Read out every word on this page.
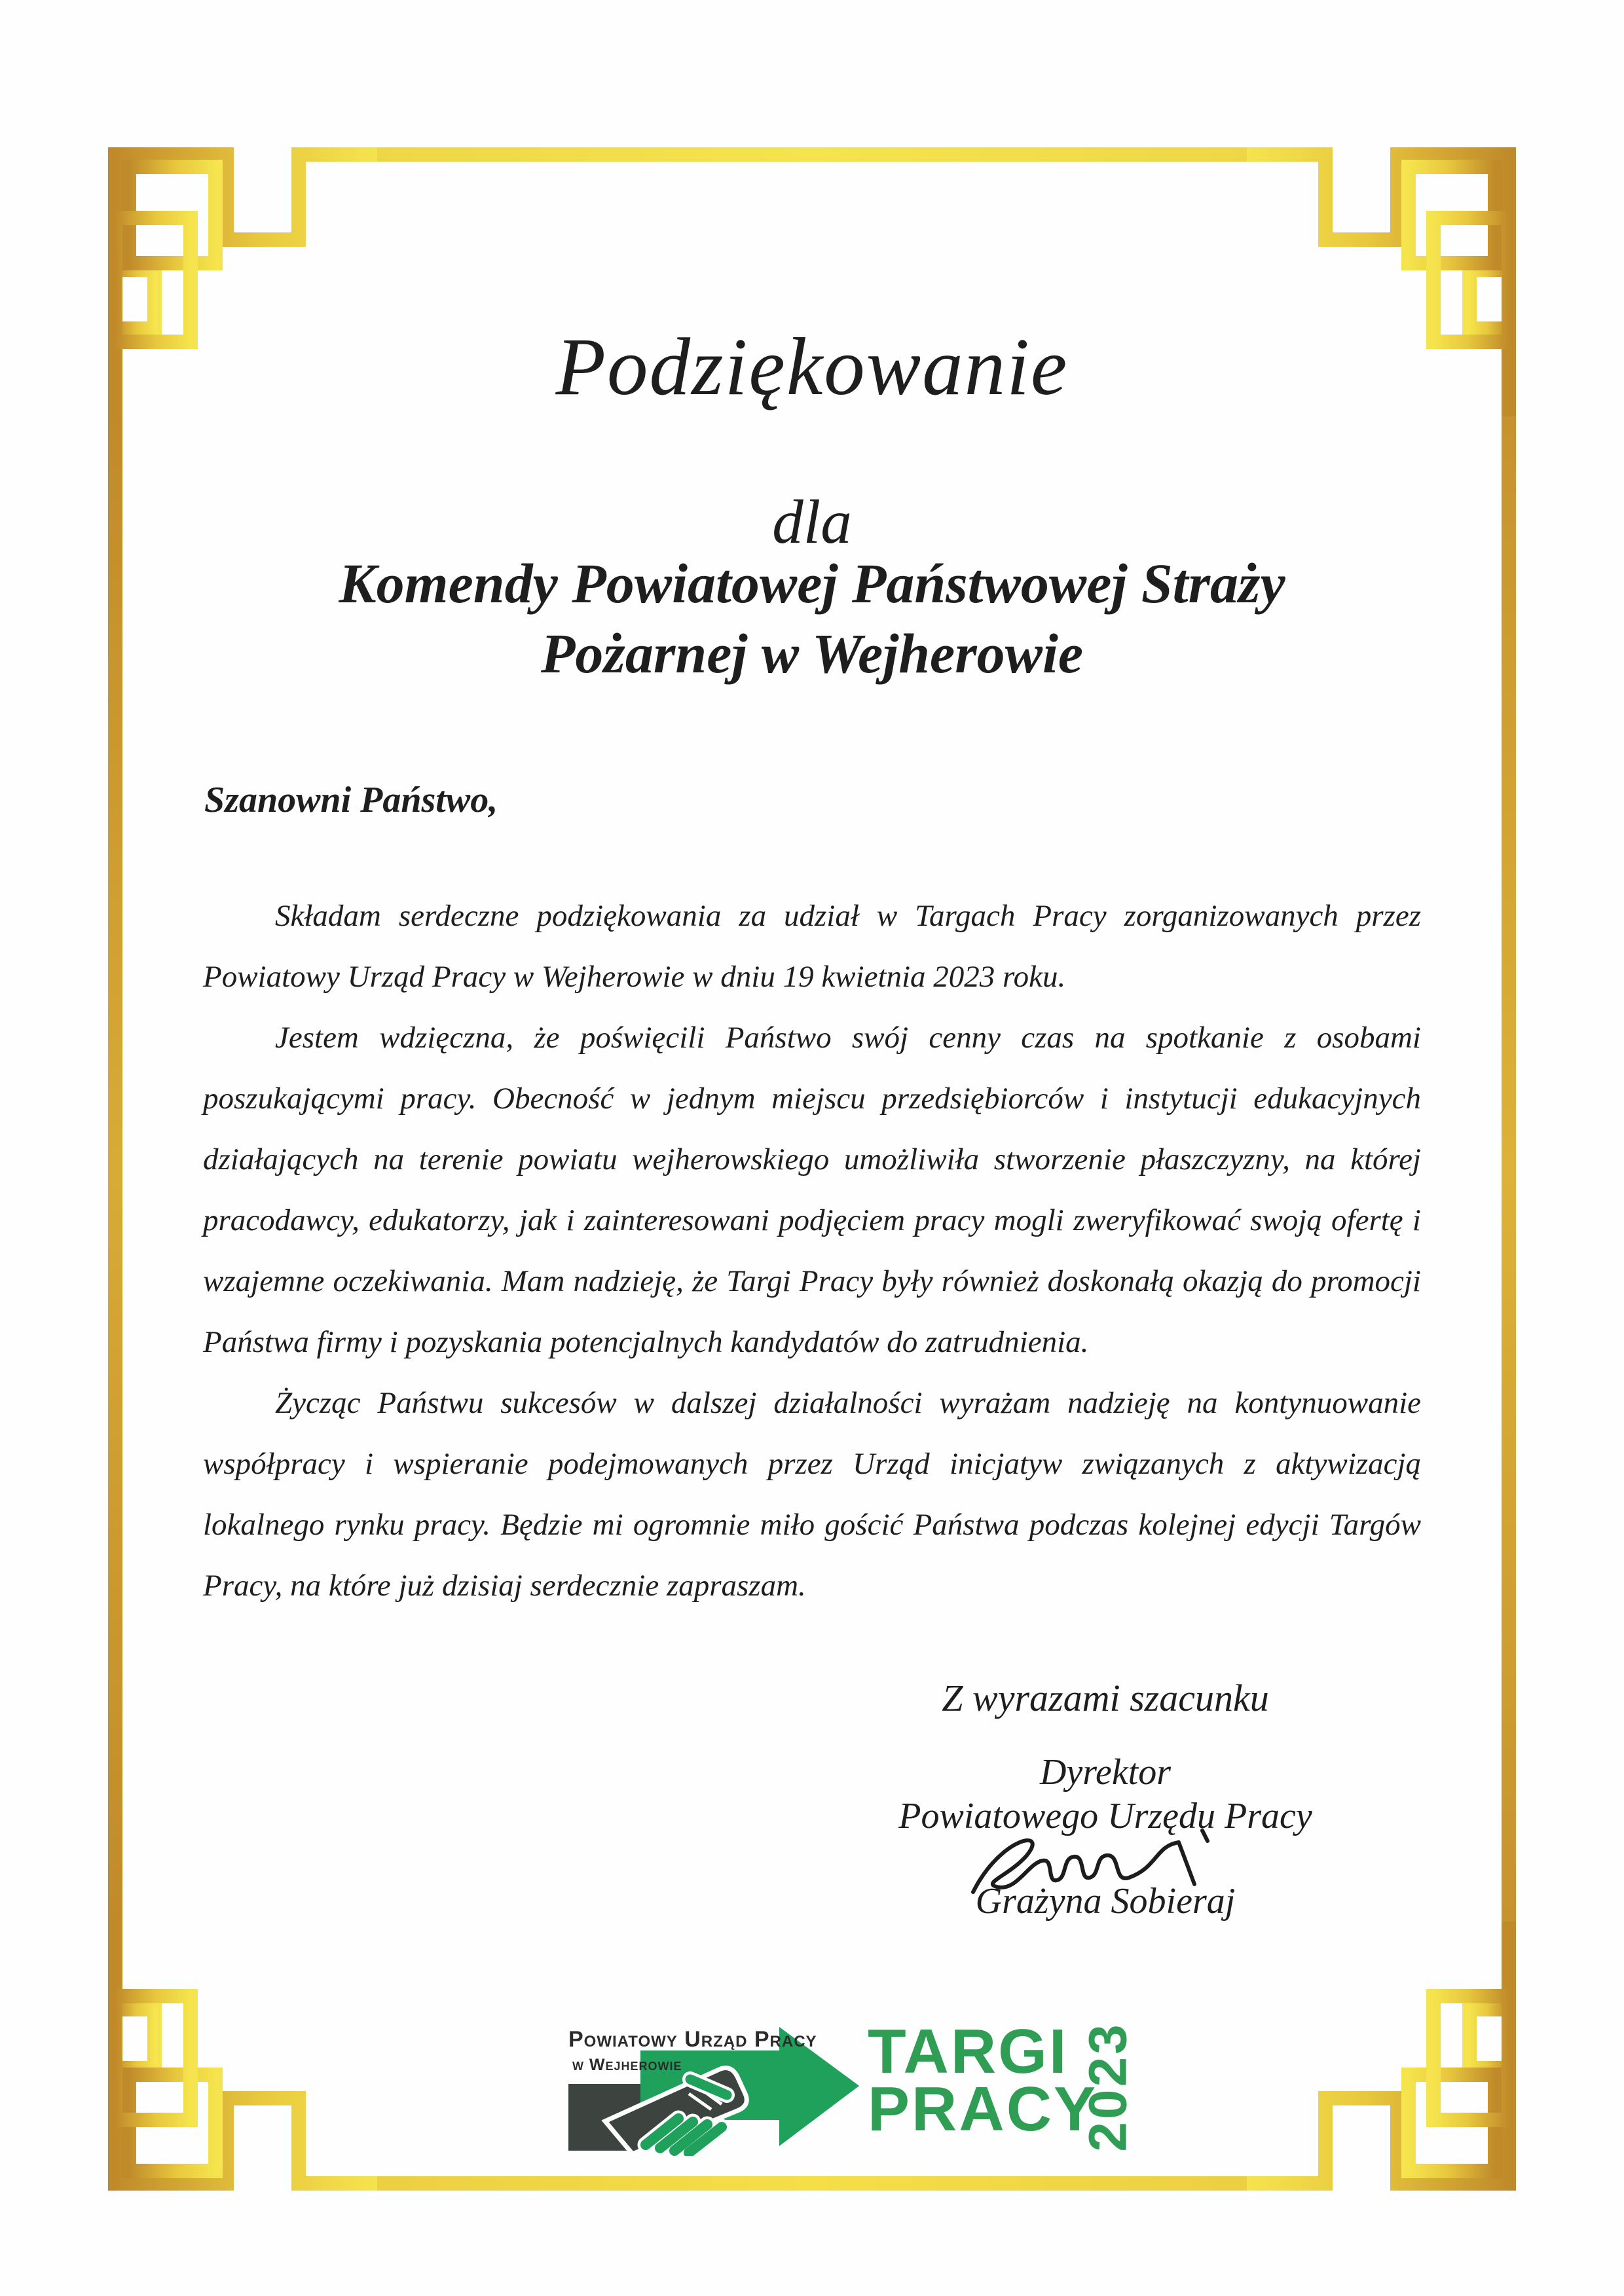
Podziękowanie
dla
Komendy Powiatowej Państwowej Straży
Pożarnej w Wejherowie
Szanowni Państwo,

Składam serdeczne podziękowania za udział w Targach Pracy zorganizowanych przez Powiatowy Urząd Pracy w Wejherowie w dniu 19 kwietnia 2023 roku.

Jestem wdzięczna, że poświęcili Państwo swój cenny czas na spotkanie z osobami poszukającymi pracy. Obecność w jednym miejscu przedsiębiorców i instytucji edukacyjnych działających na terenie powiatu wejherowskiego umożliwiła stworzenie płaszczyzny, na której pracodawcy, edukatorzy, jak i zainteresowani podjęciem pracy mogli zweryfikować swoją ofertę i wzajemne oczekiwania. Mam nadzieję, że Targi Pracy były również doskonałą okazją do promocji Państwa firmy i pozyskania potencjalnych kandydatów do zatrudnienia.

Życząc Państwu sukcesów w dalszej działalności wyrażam nadzieję na kontynuowanie współpracy i wspieranie podejmowanych przez Urząd inicjatyw związanych z aktywizacją lokalnego rynku pracy. Będzie mi ogromnie miło gościć Państwa podczas kolejnej edycji Targów Pracy, na które już dzisiaj serdecznie zapraszam.

Z wyrazami szacunku
Dyrektor
Powiatowego Urzędu Pracy
Grażyna Sobieraj
Powiatowy Urząd Pracy
w Wejherowie	TARGI
PRACY
2023
